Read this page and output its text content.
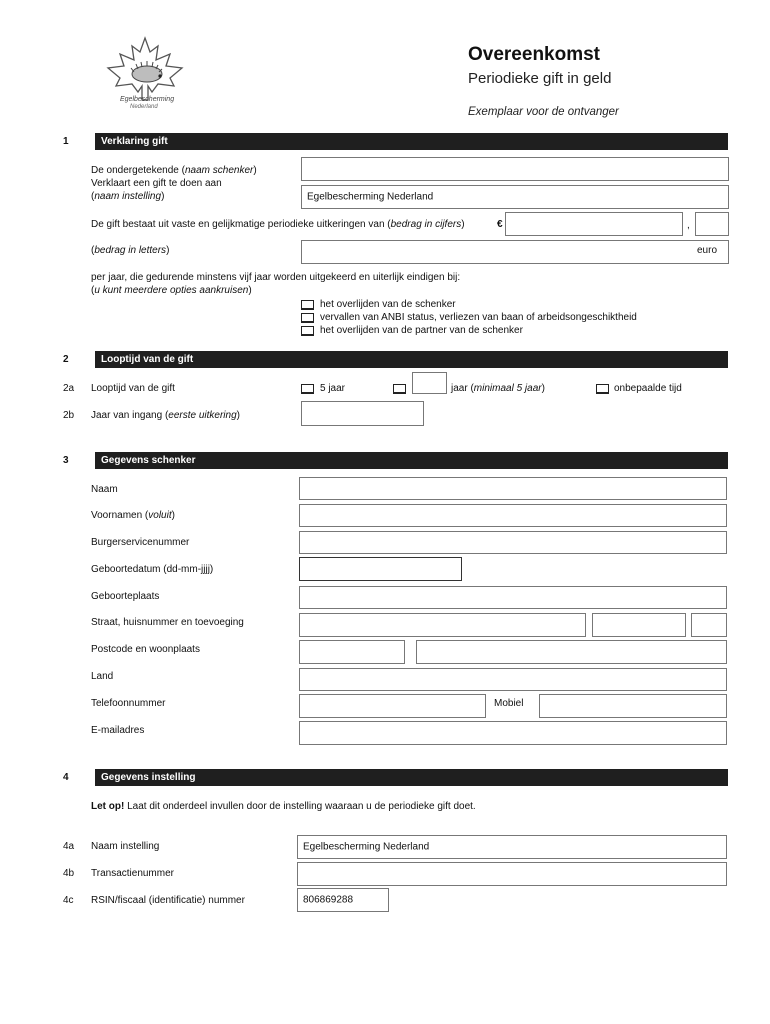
Egelbescherming
Nederland
Overeenkomst
Periodieke gift in geld
Exemplaar voor de ontvanger
1	Verklaring gift
De ondergetekende (naam schenker)
Verklaart een gift te doen aan
(naam instelling)	Egelbescherming Nederland
De gift bestaat uit vaste en gelijkmatige periodieke uitkeringen van (bedrag in cijfers)	€	,
(bedrag in letters)	euro
per jaar, die gedurende minstens vijf jaar worden uitgekeerd en uiterlijk eindigen bij:
(u kunt meerdere opties aankruisen)
het overlijden van de schenker
vervallen van ANBI status, verliezen van baan of arbeidsongeschiktheid
het overlijden van de partner van de schenker
2	Looptijd van de gift
2a Looptijd van de gift	5 jaar	jaar (minimaal 5 jaar)	onbepaalde tijd
2b Jaar van ingang (eerste uitkering)
3	Gegevens schenker
Naam
Voornamen (voluit)
Burgerservicenummer
Geboortedatum (dd-mm-jjjj)
Geboorteplaats
Straat, huisnummer en toevoeging
Postcode en woonplaats
Land
Telefoonnummer	Mobiel
E-mailadres
4	Gegevens instelling
Let op! Laat dit onderdeel invullen door de instelling waaraan u de periodieke gift doet.
4a Naam instelling	Egelbescherming Nederland
4b Transactienummer
4c RSIN/fiscaal (identificatie) nummer	806869288
